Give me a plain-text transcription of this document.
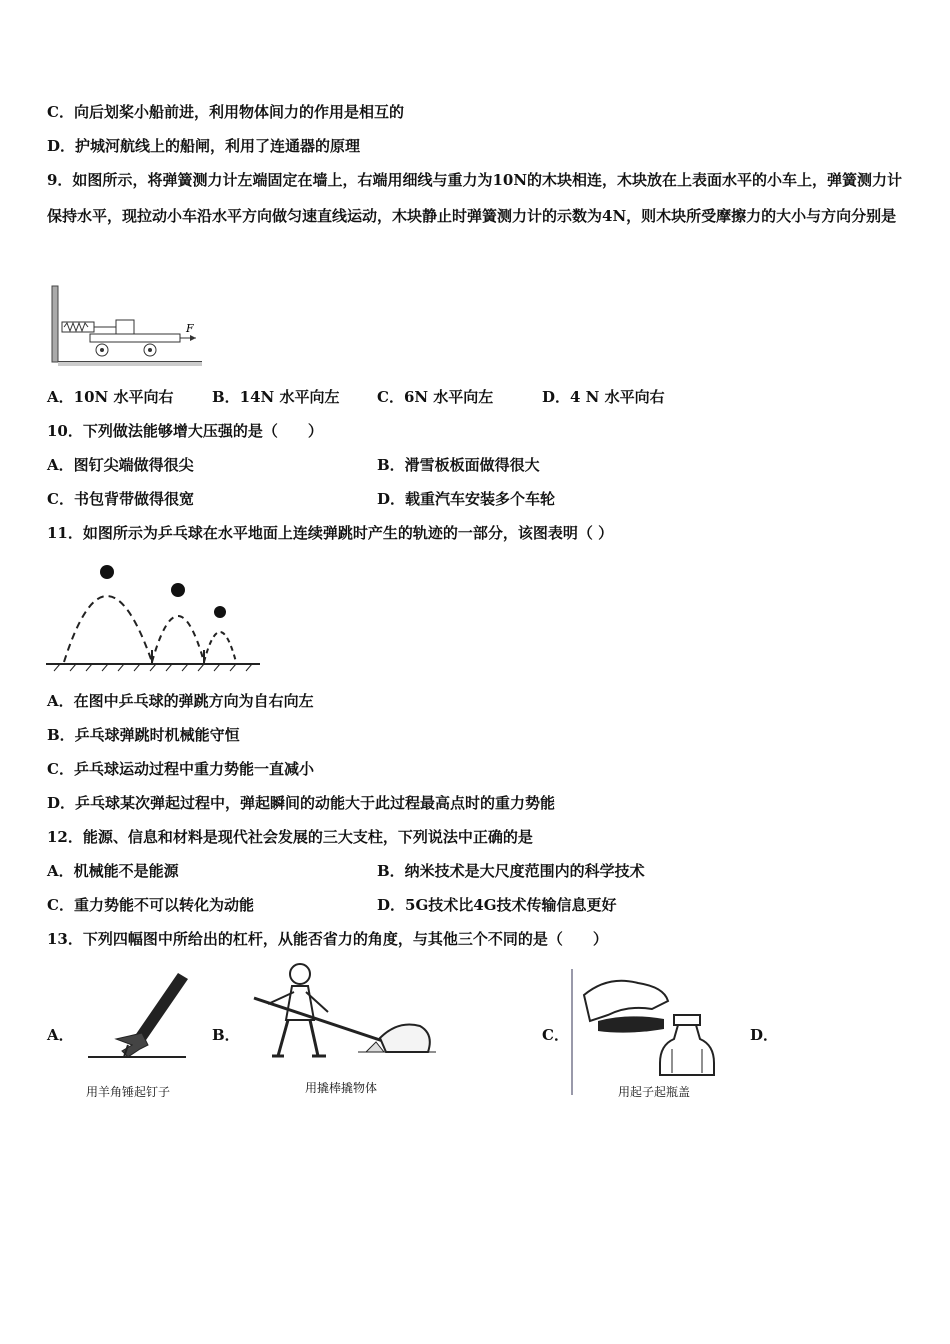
C．向后划桨小船前进，利用物体间力的作用是相互的
D．护城河航线上的船闸，利用了连通器的原理
9．如图所示，将弹簧测力计左端固定在墙上，右端用细线与重力为10N的木块相连，木块放在上表面水平的小车上，弹簧测力计保持水平，现拉动小车沿水平方向做匀速直线运动，木块静止时弹簧测力计的示数为4N，则木块所受摩擦力的大小与方向分别是
F
A．10N 水平向右	B．14N 水平向左	C．6N 水平向左	D．4 N 水平向右
10．下列做法能够增大压强的是（　　）
A．图钉尖端做得很尖	B．滑雪板板面做得很大
C．书包背带做得很宽	D．载重汽车安装多个车轮
11．如图所示为乒乓球在水平地面上连续弹跳时产生的轨迹的一部分，该图表明（ ）
A．在图中乒乓球的弹跳方向为自右向左
B．乒乓球弹跳时机械能守恒
C．乒乓球运动过程中重力势能一直减小
D．乒乓球某次弹起过程中，弹起瞬间的动能大于此过程最高点时的重力势能
12．能源、信息和材料是现代社会发展的三大支柱，下列说法中正确的是
A．机械能不是能源	B．纳米技术是大尺度范围内的科学技术
C．重力势能不可以转化为动能	D．5G技术比4G技术传输信息更好
13．下列四幅图中所给出的杠杆，从能否省力的角度，与其他三个不同的是（　　）
A．	B．	C．	D．
用羊角锤起钉子	用撬棒撬物体	用起子起瓶盖
